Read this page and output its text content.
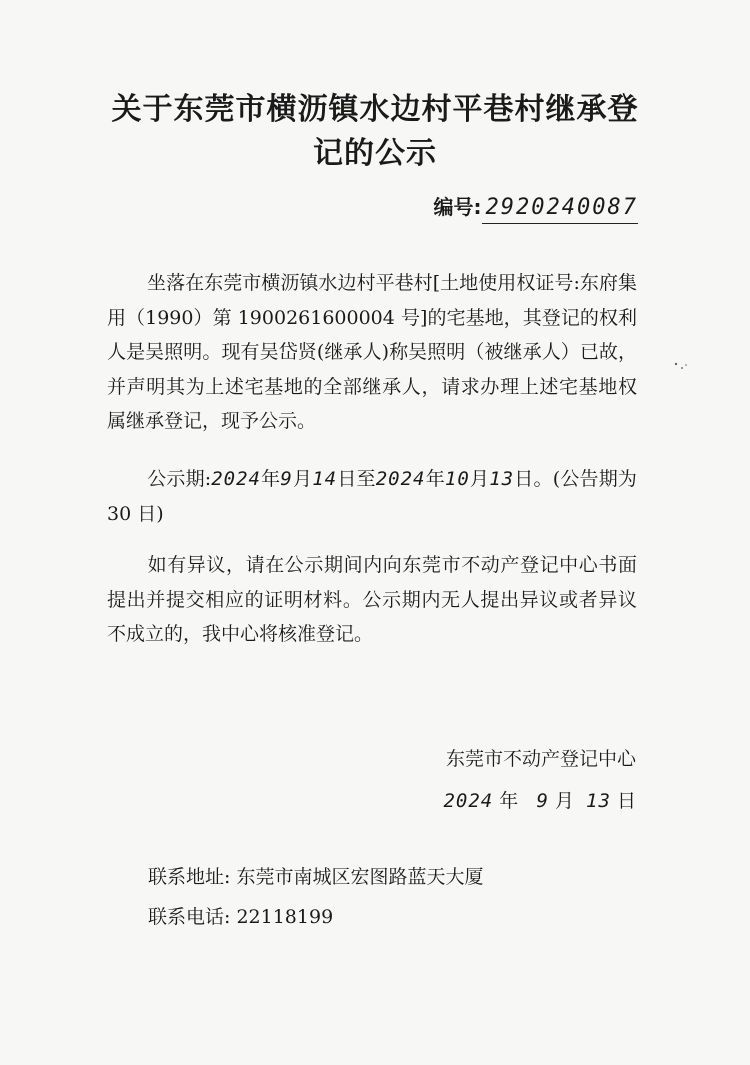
关于东莞市横沥镇水边村平巷村继承登
记的公示
编号: 2920240087
坐落在东莞市横沥镇水边村平巷村[土地使用权证号:东府集用（1990）第 1900261600004 号]的宅基地，其登记的权利人是吴照明。现有吴岱贤(继承人)称吴照明（被继承人）已故，并声明其为上述宅基地的全部继承人，请求办理上述宅基地权属继承登记，现予公示。
公示期:2024年9月14日至2024年10月13日。(公告期为 30 日)
如有异议，请在公示期间内向东莞市不动产登记中心书面提出并提交相应的证明材料。公示期内无人提出异议或者异议不成立的，我中心将核准登记。
东莞市不动产登记中心
2024 年 9 月 13 日
联系地址: 东莞市南城区宏图路蓝天大厦
联系电话: 22118199
